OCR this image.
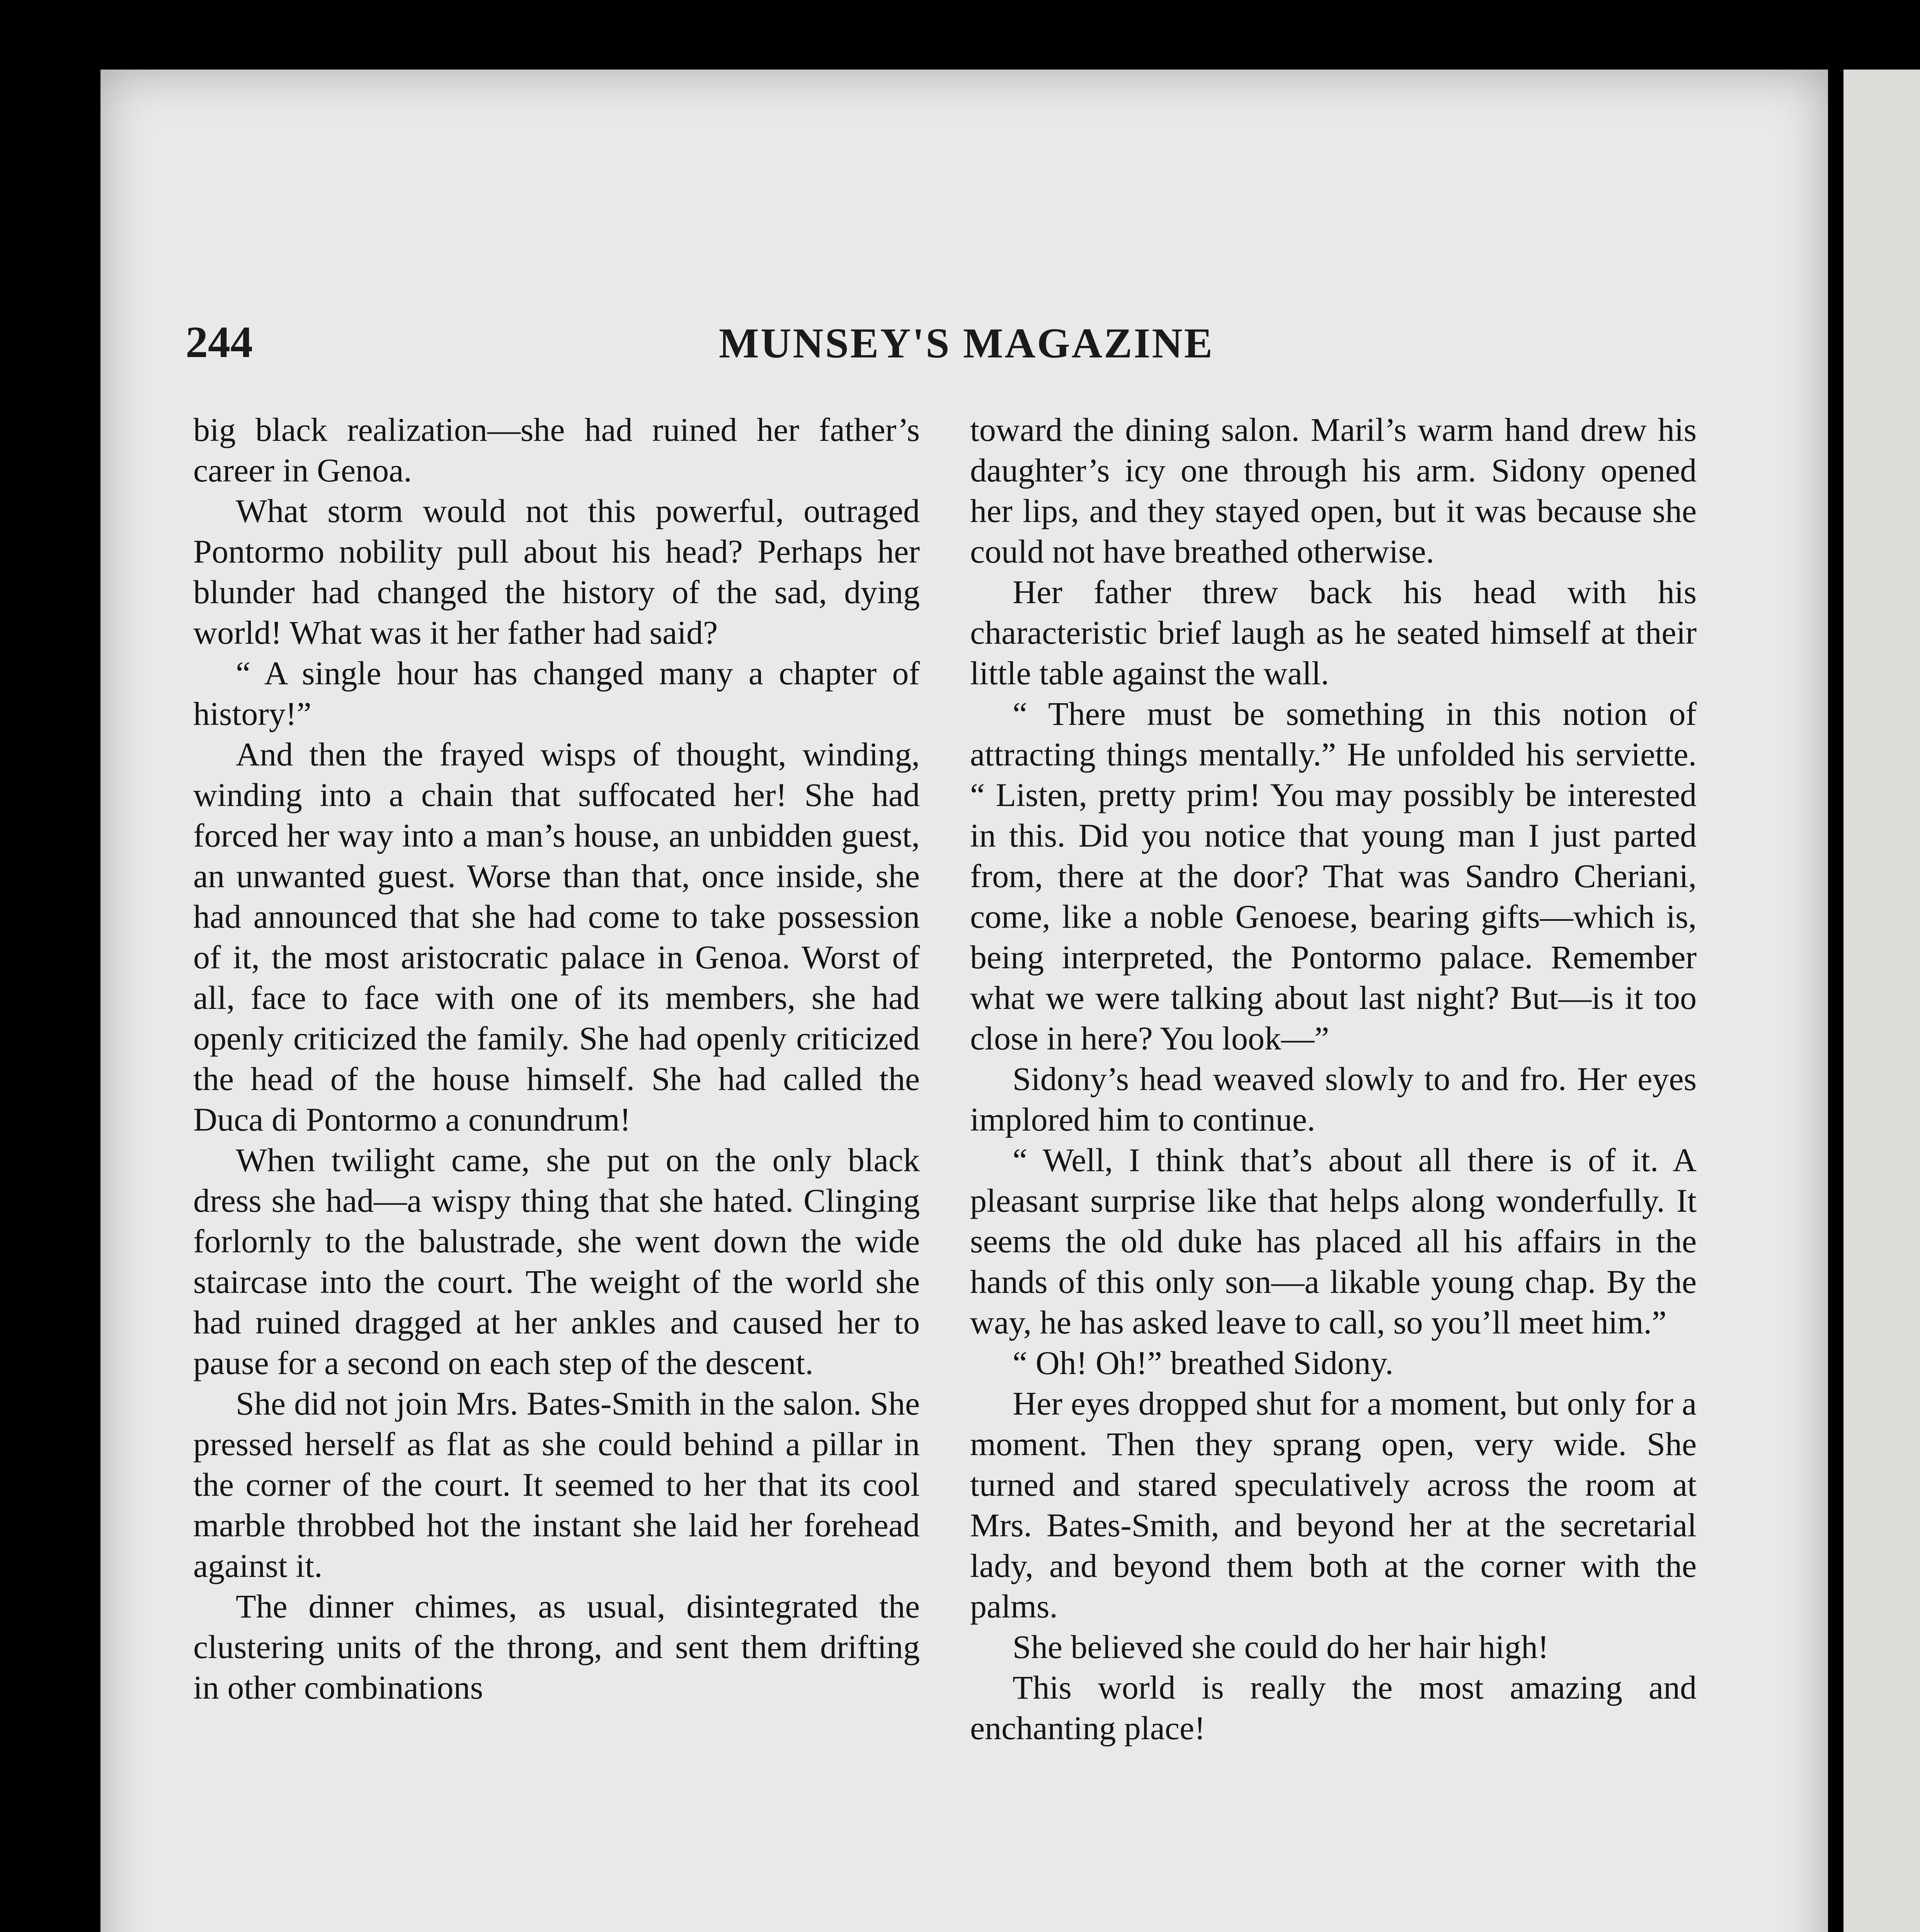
244	MUNSEY'S MAGAZINE

big black realization—she had ruined her father’s career in Genoa.

What storm would not this powerful, outraged Pontormo nobility pull about his head? Perhaps her blunder had changed the history of the sad, dying world! What was it her father had said?

“ A single hour has changed many a chapter of history!”

And then the frayed wisps of thought, winding, winding into a chain that suffocated her! She had forced her way into a man’s house, an unbidden guest, an unwanted guest. Worse than that, once inside, she had announced that she had come to take possession of it, the most aristocratic palace in Genoa. Worst of all, face to face with one of its members, she had openly criticized the family. She had openly criticized the head of the house himself. She had called the Duca di Pontormo a conundrum!

When twilight came, she put on the only black dress she had—a wispy thing that she hated. Clinging forlornly to the balustrade, she went down the wide staircase into the court. The weight of the world she had ruined dragged at her ankles and caused her to pause for a second on each step of the descent.

She did not join Mrs. Bates-Smith in the salon. She pressed herself as flat as she could behind a pillar in the corner of the court. It seemed to her that its cool marble throbbed hot the instant she laid her forehead against it.

The dinner chimes, as usual, disintegrated the clustering units of the throng, and sent them drifting in other combinations

toward the dining salon. Maril’s warm hand drew his daughter’s icy one through his arm. Sidony opened her lips, and they stayed open, but it was because she could not have breathed otherwise.

Her father threw back his head with his characteristic brief laugh as he seated himself at their little table against the wall.

“ There must be something in this notion of attracting things mentally.” He unfolded his serviette. “ Listen, pretty prim! You may possibly be interested in this. Did you notice that young man I just parted from, there at the door? That was Sandro Cheriani, come, like a noble Genoese, bearing gifts—which is, being interpreted, the Pontormo palace. Remember what we were talking about last night? But—is it too close in here? You look—”

Sidony’s head weaved slowly to and fro. Her eyes implored him to continue.

“ Well, I think that’s about all there is of it. A pleasant surprise like that helps along wonderfully. It seems the old duke has placed all his affairs in the hands of this only son—a likable young chap. By the way, he has asked leave to call, so you’ll meet him.”

“ Oh! Oh!” breathed Sidony.

Her eyes dropped shut for a moment, but only for a moment. Then they sprang open, very wide. She turned and stared speculatively across the room at Mrs. Bates-Smith, and beyond her at the secretarial lady, and beyond them both at the corner with the palms.

She believed she could do her hair high!

This world is really the most amazing and enchanting place!
